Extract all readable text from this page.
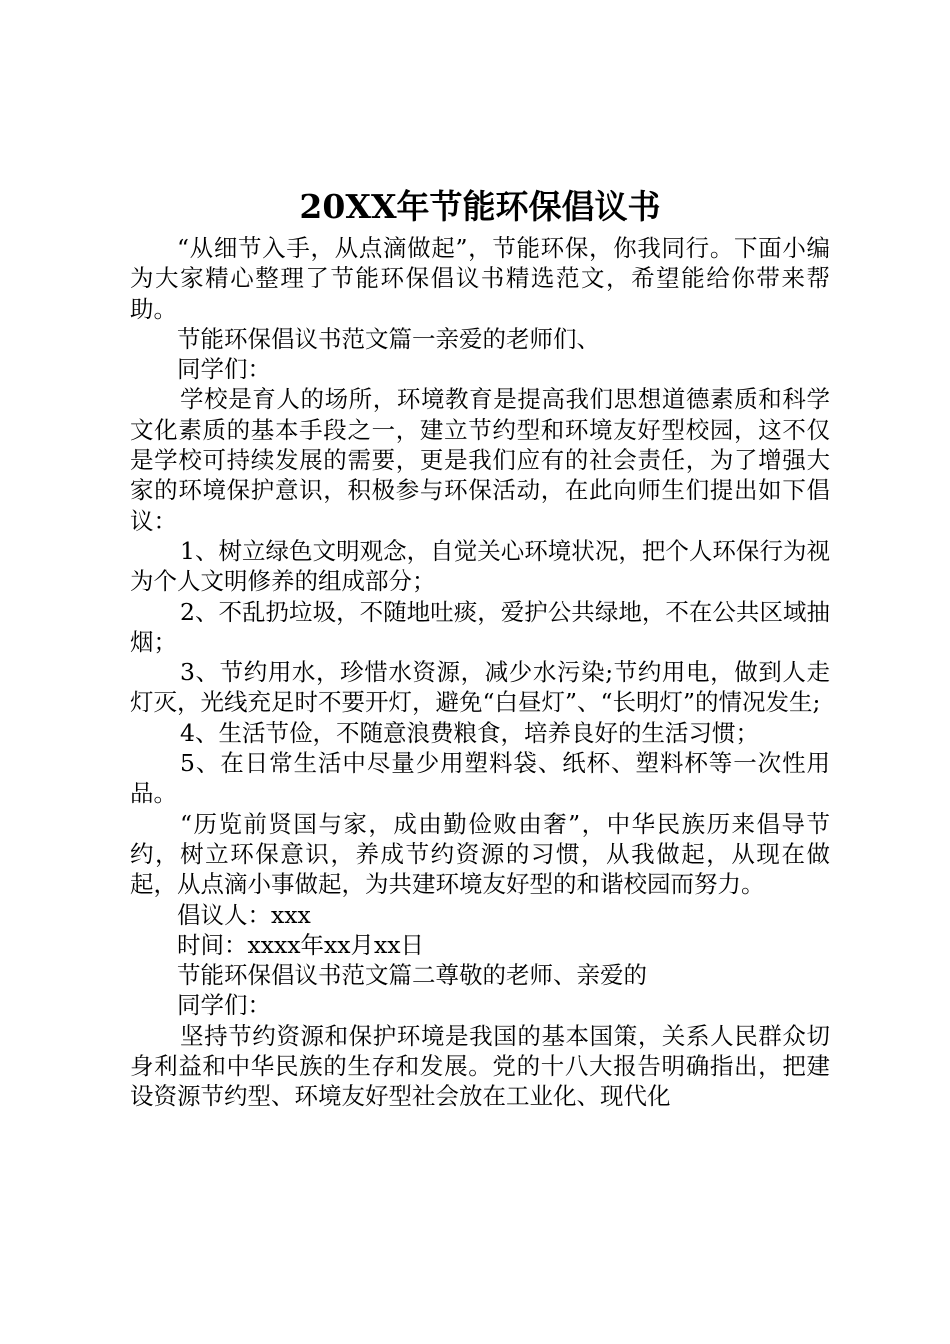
20XX年节能环保倡议书

“从细节入手，从点滴做起”，节能环保，你我同行。下面小编为大家精心整理了节能环保倡议书精选范文，希望能给你带来帮助。

节能环保倡议书范文篇一亲爱的老师们、

同学们：

学校是育人的场所，环境教育是提高我们思想道德素质和科学文化素质的基本手段之一，建立节约型和环境友好型校园，这不仅是学校可持续发展的需要，更是我们应有的社会责任，为了增强大家的环境保护意识，积极参与环保活动，在此向师生们提出如下倡议：

1、树立绿色文明观念，自觉关心环境状况，把个人环保行为视为个人文明修养的组成部分；

2、不乱扔垃圾，不随地吐痰，爱护公共绿地，不在公共区域抽烟；

3、节约用水，珍惜水资源，减少水污染;节约用电，做到人走灯灭，光线充足时不要开灯，避免“白昼灯”、“长明灯”的情况发生;

4、生活节俭，不随意浪费粮食，培养良好的生活习惯；

5、在日常生活中尽量少用塑料袋、纸杯、塑料杯等一次性用品。

“历览前贤国与家，成由勤俭败由奢”，中华民族历来倡导节约，树立环保意识，养成节约资源的习惯，从我做起，从现在做起，从点滴小事做起，为共建环境友好型的和谐校园而努力。

倡议人：xxx

时间：xxxx年xx月xx日

节能环保倡议书范文篇二尊敬的老师、亲爱的

同学们：

坚持节约资源和保护环境是我国的基本国策，关系人民群众切身利益和中华民族的生存和发展。党的十八大报告明确指出，把建设资源节约型、环境友好型社会放在工业化、现代化
